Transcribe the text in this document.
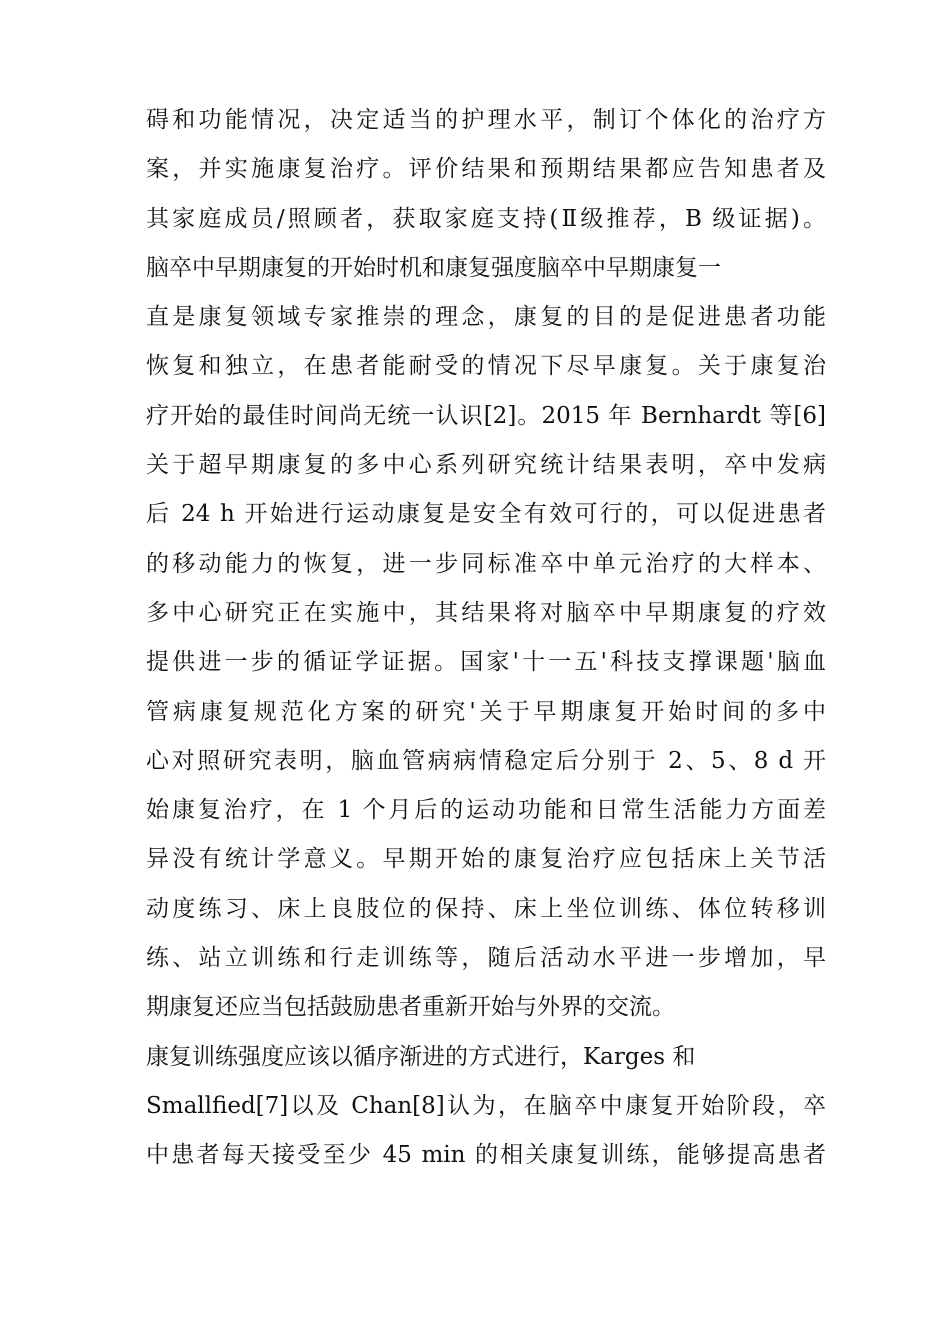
碍和功能情况，决定适当的护理水平，制订个体化的治疗方
案，并实施康复治疗。评价结果和预期结果都应告知患者及
其家庭成员/照顾者，获取家庭支持(Ⅱ级推荐，B 级证据)。
脑卒中早期康复的开始时机和康复强度脑卒中早期康复一
直是康复领域专家推崇的理念，康复的目的是促进患者功能
恢复和独立，在患者能耐受的情况下尽早康复。关于康复治
疗开始的最佳时间尚无统一认识[2]。2015 年 Bernhardt 等[6]
关于超早期康复的多中心系列研究统计结果表明，卒中发病
后 24 h 开始进行运动康复是安全有效可行的，可以促进患者
的移动能力的恢复，进一步同标准卒中单元治疗的大样本、
多中心研究正在实施中，其结果将对脑卒中早期康复的疗效
提供进一步的循证学证据。国家'十一五'科技支撑课题'脑血
管病康复规范化方案的研究'关于早期康复开始时间的多中
心对照研究表明，脑血管病病情稳定后分别于 2、5、8 d 开
始康复治疗，在 1 个月后的运动功能和日常生活能力方面差
异没有统计学意义。早期开始的康复治疗应包括床上关节活
动度练习、床上良肢位的保持、床上坐位训练、体位转移训
练、站立训练和行走训练等，随后活动水平进一步增加，早
期康复还应当包括鼓励患者重新开始与外界的交流。
康复训练强度应该以循序渐进的方式进行，Karges 和
Smallfied[7]以及 Chan[8]认为，在脑卒中康复开始阶段，卒
中患者每天接受至少 45 min 的相关康复训练，能够提高患者
